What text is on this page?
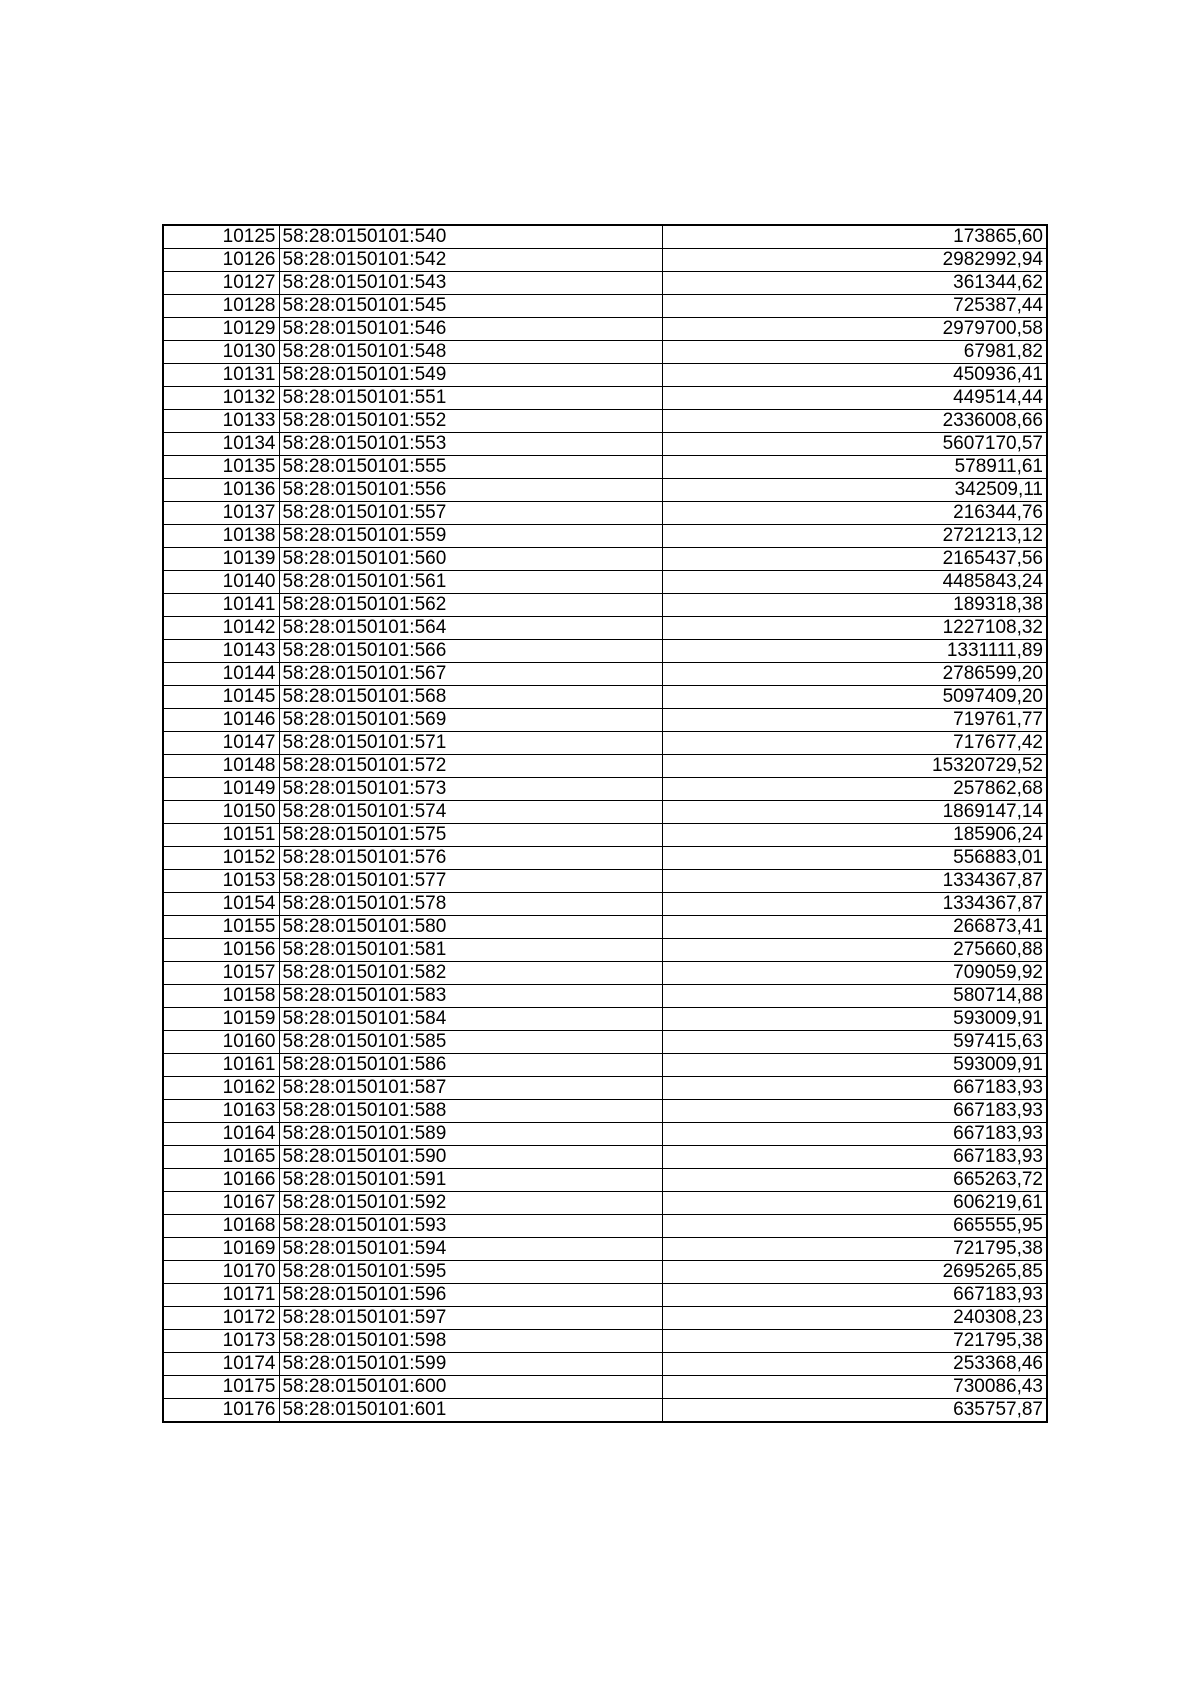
10125	58:28:0150101:540	173865,60
10126	58:28:0150101:542	2982992,94
10127	58:28:0150101:543	361344,62
10128	58:28:0150101:545	725387,44
10129	58:28:0150101:546	2979700,58
10130	58:28:0150101:548	67981,82
10131	58:28:0150101:549	450936,41
10132	58:28:0150101:551	449514,44
10133	58:28:0150101:552	2336008,66
10134	58:28:0150101:553	5607170,57
10135	58:28:0150101:555	578911,61
10136	58:28:0150101:556	342509,11
10137	58:28:0150101:557	216344,76
10138	58:28:0150101:559	2721213,12
10139	58:28:0150101:560	2165437,56
10140	58:28:0150101:561	4485843,24
10141	58:28:0150101:562	189318,38
10142	58:28:0150101:564	1227108,32
10143	58:28:0150101:566	1331111,89
10144	58:28:0150101:567	2786599,20
10145	58:28:0150101:568	5097409,20
10146	58:28:0150101:569	719761,77
10147	58:28:0150101:571	717677,42
10148	58:28:0150101:572	15320729,52
10149	58:28:0150101:573	257862,68
10150	58:28:0150101:574	1869147,14
10151	58:28:0150101:575	185906,24
10152	58:28:0150101:576	556883,01
10153	58:28:0150101:577	1334367,87
10154	58:28:0150101:578	1334367,87
10155	58:28:0150101:580	266873,41
10156	58:28:0150101:581	275660,88
10157	58:28:0150101:582	709059,92
10158	58:28:0150101:583	580714,88
10159	58:28:0150101:584	593009,91
10160	58:28:0150101:585	597415,63
10161	58:28:0150101:586	593009,91
10162	58:28:0150101:587	667183,93
10163	58:28:0150101:588	667183,93
10164	58:28:0150101:589	667183,93
10165	58:28:0150101:590	667183,93
10166	58:28:0150101:591	665263,72
10167	58:28:0150101:592	606219,61
10168	58:28:0150101:593	665555,95
10169	58:28:0150101:594	721795,38
10170	58:28:0150101:595	2695265,85
10171	58:28:0150101:596	667183,93
10172	58:28:0150101:597	240308,23
10173	58:28:0150101:598	721795,38
10174	58:28:0150101:599	253368,46
10175	58:28:0150101:600	730086,43
10176	58:28:0150101:601	635757,87
